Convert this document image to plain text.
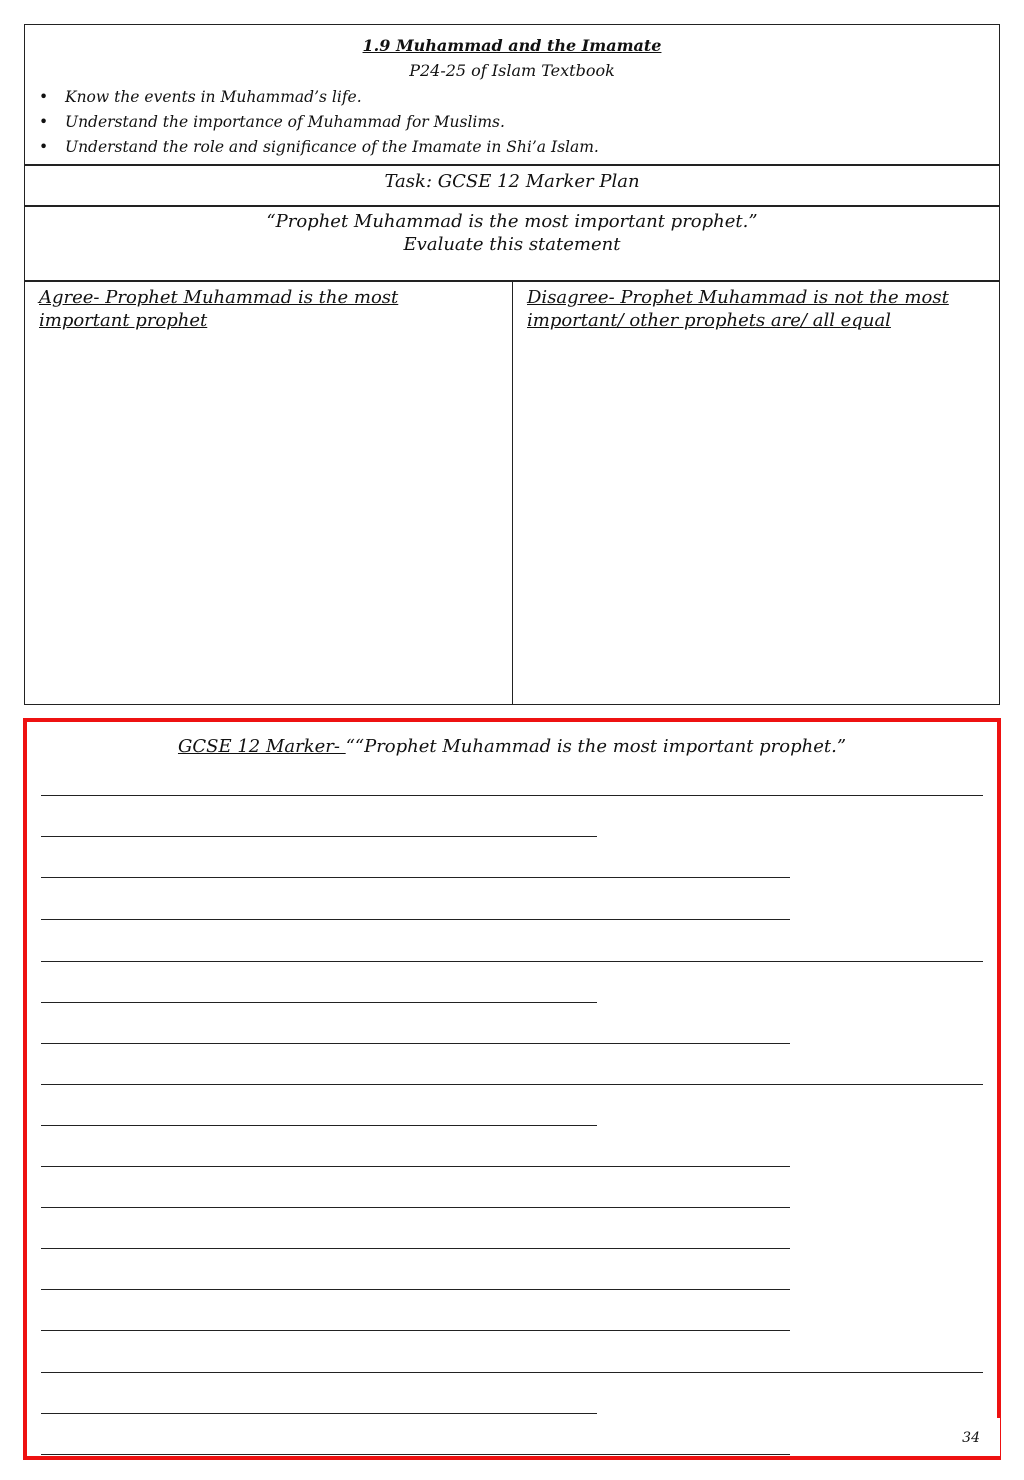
1.9 Muhammad and the Imamate
P24-25 of Islam Textbook
• Know the events in Muhammad’s life.
• Understand the importance of Muhammad for Muslims.
• Understand the role and significance of the Imamate in Shi’a Islam.
Task: GCSE 12 Marker Plan
“Prophet Muhammad is the most important prophet.”
Evaluate this statement
Agree- Prophet Muhammad is the most important prophet
Disagree- Prophet Muhammad is not the most important/ other prophets are/ all equal
GCSE 12 Marker- ““Prophet Muhammad is the most important prophet.”
34
